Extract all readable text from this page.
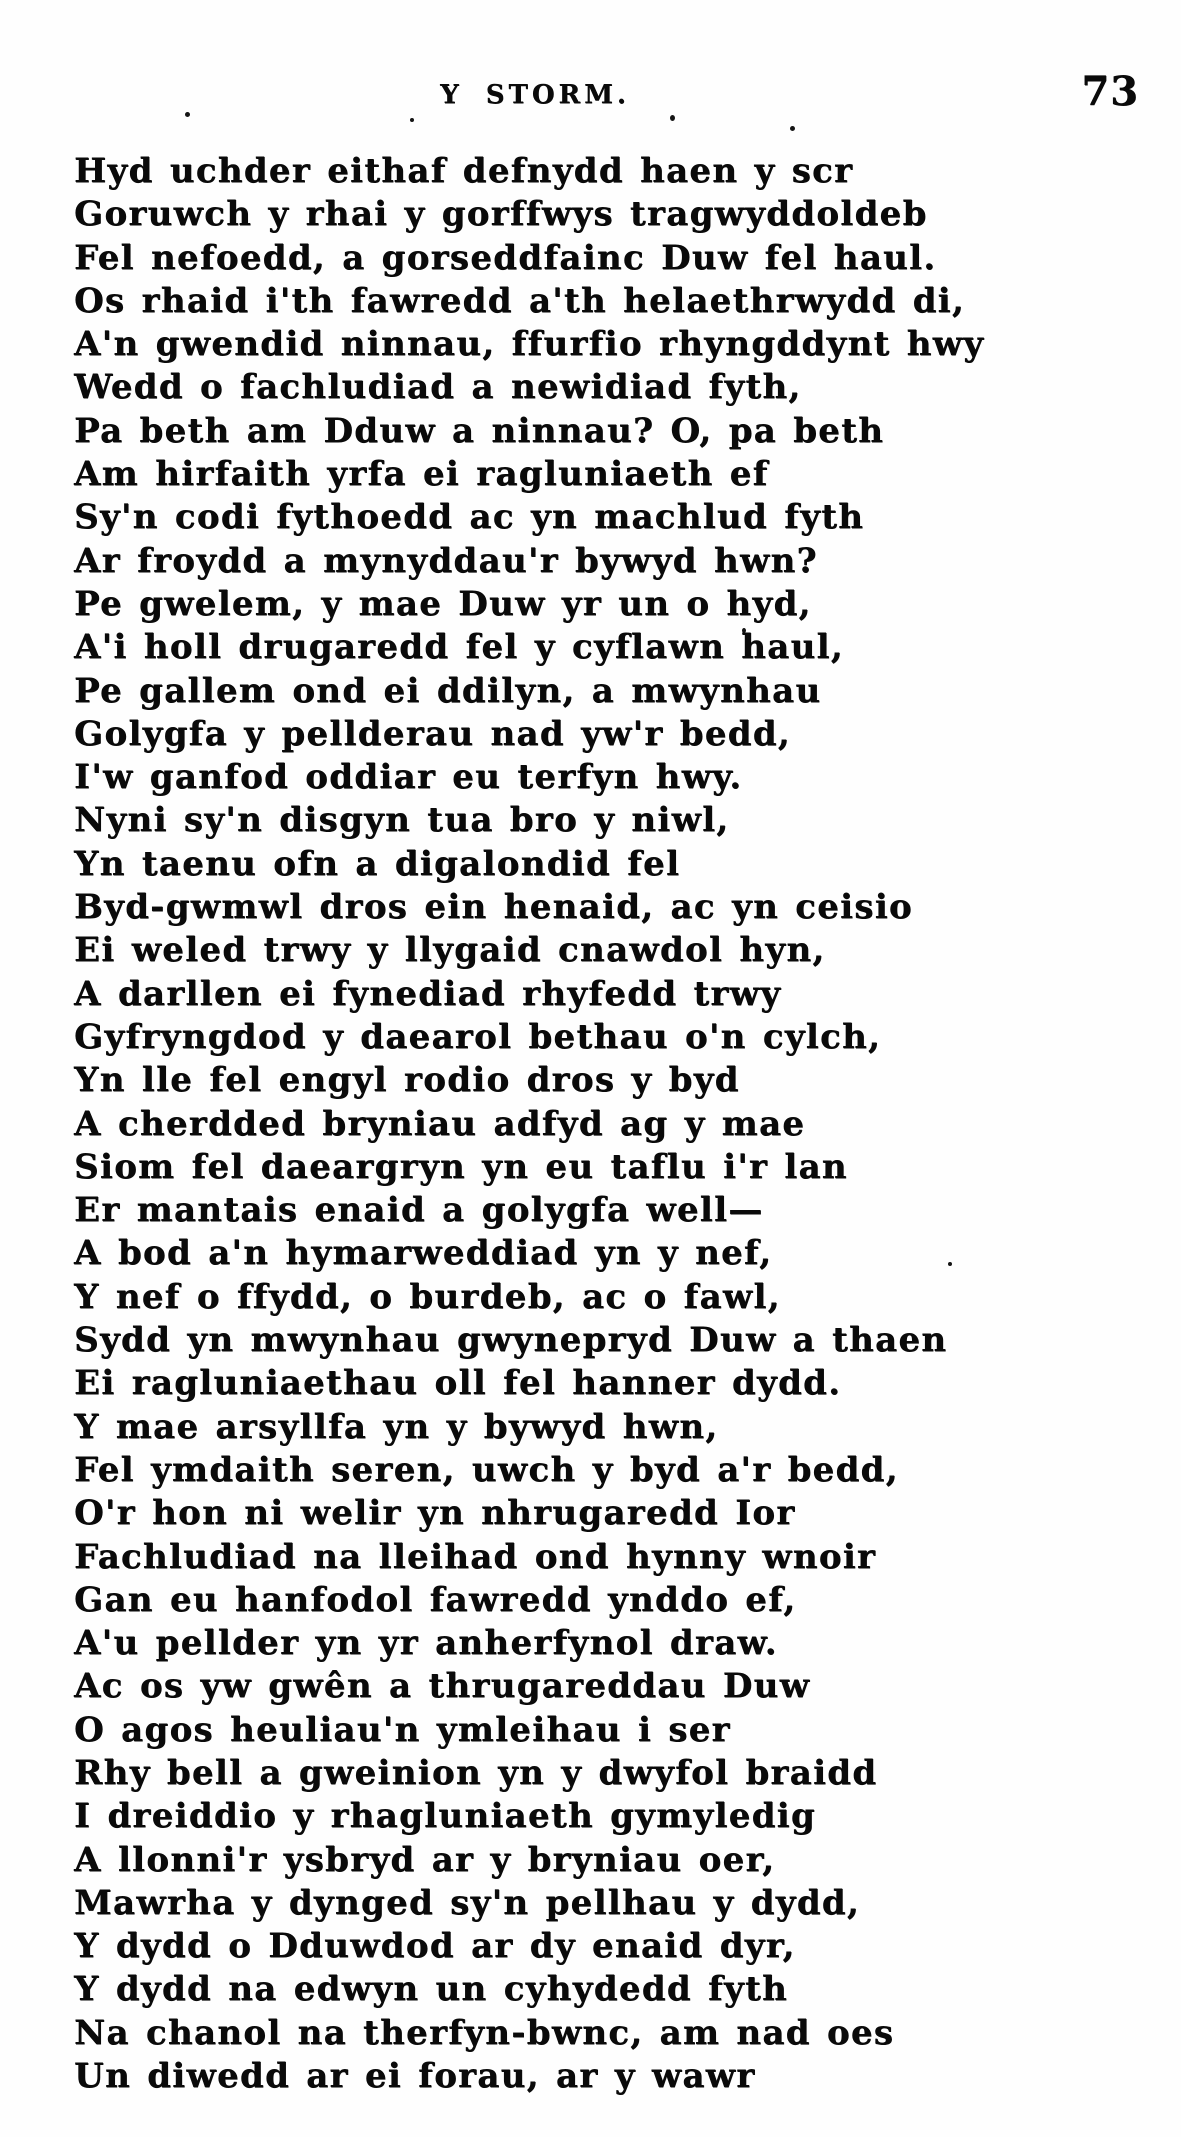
Y STORM.	73
Hyd uchder eithaf defnydd haen y scr
Goruwch y rhai y gorffwys tragwyddoldeb
Fel nefoedd, a gorseddfainc Duw fel haul.
Os rhaid i'th fawredd a'th helaethrwydd di,
A'n gwendid ninnau, ffurfio rhyngddynt hwy
Wedd o fachludiad a newidiad fyth,
Pa beth am Dduw a ninnau? O, pa beth
Am hirfaith yrfa ei ragluniaeth ef
Sy'n codi fythoedd ac yn machlud fyth
Ar froydd a mynyddau'r bywyd hwn?
Pe gwelem, y mae Duw yr un o hyd,
A'i holl drugaredd fel y cyflawn haul,
Pe gallem ond ei ddilyn, a mwynhau
Golygfa y pellderau nad yw'r bedd,
I'w ganfod oddiar eu terfyn hwy.
Nyni sy'n disgyn tua bro y niwl,
Yn taenu ofn a digalondid fel
Byd-gwmwl dros ein henaid, ac yn ceisio
Ei weled trwy y llygaid cnawdol hyn,
A darllen ei fynediad rhyfedd trwy
Gyfryngdod y daearol bethau o'n cylch,
Yn lle fel engyl rodio dros y byd
A cherdded bryniau adfyd ag y mae
Siom fel daeargryn yn eu taflu i'r lan
Er mantais enaid a golygfa well—
A bod a'n hymarweddiad yn y nef,
Y nef o ffydd, o burdeb, ac o fawl,
Sydd yn mwynhau gwynepryd Duw a thaen
Ei ragluniaethau oll fel hanner dydd.
Y mae arsyllfa yn y bywyd hwn,
Fel ymdaith seren, uwch y byd a'r bedd,
O'r hon ni welir yn nhrugaredd Ior
Fachludiad na lleihad ond hynny wnoir
Gan eu hanfodol fawredd ynddo ef,
A'u pellder yn yr anherfynol draw.
Ac os yw gwên a thrugareddau Duw
O agos heuliau'n ymleihau i ser
Rhy bell a gweinion yn y dwyfol braidd
I dreiddio y rhagluniaeth gymyledig
A llonni'r ysbryd ar y bryniau oer,
Mawrha y dynged sy'n pellhau y dydd,
Y dydd o Dduwdod ar dy enaid dyr,
Y dydd na edwyn un cyhydedd fyth
Na chanol na therfyn-bwnc, am nad oes
Un diwedd ar ei forau, ar y wawr
